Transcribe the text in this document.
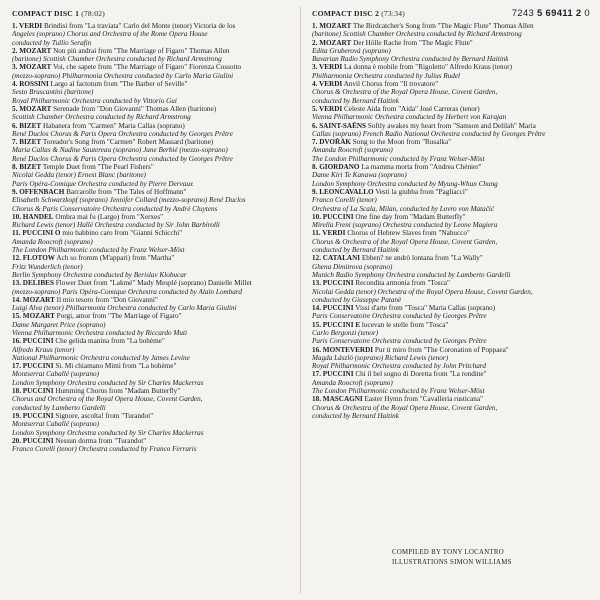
7243 5 69411 2 0
COMPACT DISC 1 (78:02)
1. VERDI Brindisi from "La traviata" Carlo del Monte (tenor) Victoria de los
Angeles (soprano) Chorus and Orchestra of the Rome Opera House
conducted by Tullio Serafin
2. MOZART Non più andrai from "The Marriage of Figaro" Thomas Allen
(baritone) Scottish Chamber Orchestra conducted by Richard Armstrong
3. MOZART Voi, che sapete from "The Marriage of Figaro" Fiorenza Cossotto
(mezzo-soprano) Philharmonia Orchestra conducted by Carlo Maria Giulini
4. ROSSINI Largo al factotum from "The Barber of Seville"
Sesto Bruscantini (baritone)
Royal Philharmonic Orchestra conducted by Vittorio Gui
5. MOZART Serenade from "Don Giovanni" Thomas Allen (baritone)
Scottish Chamber Orchestra conducted by Richard Armstrong
6. BIZET Habanera from "Carmen" Maria Callas (soprano)
René Duclos Chorus & Paris Opera Orchestra conducted by Georges Prêtre
7. BIZET Toreador's Song from "Carmen" Robert Massard (baritone)
Maria Callas & Nadine Sautereau (soprano) Jane Berbié (mezzo-soprano)
René Duclos Chorus & Paris Opera Orchestra conducted by Georges Prêtre
8. BIZET Temple Duet from "The Pearl Fishers"
Nicolai Gedda (tenor) Ernest Blanc (baritone)
Paris Opéra-Comique Orchestra conducted by Pierre Dervaux
9. OFFENBACH Barcarolle from "The Tales of Hoffmann"
Elisabeth Schwarzkopf (soprano) Jennifer Collard (mezzo-soprano) René Duclos
Chorus & Paris Conservatoire Orchestra conducted by André Cluytens
10. HANDEL Ombra mai fu (Largo) from "Xerxes"
Richard Lewis (tenor) Hallé Orchestra conducted by Sir John Barbirolli
11. PUCCINI O mio babbino caro from "Gianni Schicchi"
Amanda Roocroft (soprano)
The London Philharmonic conducted by Franz Welser-Möst
12. FLOTOW Ach so fromm (M'appari) from "Martha"
Fritz Wunderlich (tenor)
Berlin Symphony Orchestra conducted by Berislav Klobucar
13. DELIBES Flower Duet from "Lakmé" Mady Mesplé (soprano) Danielle Millet
(mezzo-soprano) Paris Opéra-Comique Orchestra conducted by Alain Lombard
14. MOZART Il mio tesoro from "Don Giovanni"
Luigi Alva (tenor) Philharmonia Orchestra conducted by Carlo Maria Giulini
15. MOZART Porgi, amor from "The Marriage of Figaro"
Dame Margaret Price (soprano)
Vienna Philharmonic Orchestra conducted by Riccardo Muti
16. PUCCINI Che gelida manina from "La bohème"
Alfredo Kraus (tenor)
National Philharmonic Orchestra conducted by James Levine
17. PUCCINI Sì. Mi chiamano Mimì from "La bohème"
Montserrat Caballé (soprano)
London Symphony Orchestra conducted by Sir Charles Mackerras
18. PUCCINI Humming Chorus from "Madam Butterfly"
Chorus and Orchestra of the Royal Opera House, Covent Garden,
conducted by Lamberto Gardelli
19. PUCCINI Signore, ascolta! from "Turandot"
Montserrat Caballé (soprano)
London Symphony Orchestra conducted by Sir Charles Mackerras
20. PUCCINI Nessun dorma from "Turandot"
Franco Corelli (tenor) Orchestra conducted by Franco Ferraris
COMPACT DISC 2 (73:34)
1. MOZART The Birdcatcher's Song from "The Magic Flute" Thomas Allen
(baritone) Scottish Chamber Orchestra conducted by Richard Armstrong
2. MOZART Der Hölle Rache from "The Magic Flute"
Edita Gruberová (soprano)
Bavarian Radio Symphony Orchestra conducted by Bernard Haitink
3. VERDI La donna è mobile from "Rigoletto" Alfredo Kraus (tenor)
Philharmonia Orchestra conducted by Julius Rudel
4. VERDI Anvil Chorus from "Il trovatore"
Chorus & Orchestra of the Royal Opera House, Covent Garden,
conducted by Bernard Haitink
5. VERDI Celeste Aida from "Aida" José Carreras (tenor)
Vienna Philharmonic Orchestra conducted by Herbert von Karajan
6. SAINT-SAËNS Softly awakes my heart from "Samson and Delilah" Maria
Callas (soprano) French Radio National Orchestra conducted by Georges Prêtre
7. DVOŘÁK Song to the Moon from "Rusalka"
Amanda Roocroft (soprano)
The London Philharmonic conducted by Franz Welser-Möst
8. GIORDANO La mamma morta from "Andrea Chénier"
Dame Kiri Te Kanawa (soprano)
London Symphony Orchestra conducted by Myung-Whun Chung
9. LEONCAVALLO Vesti la giubba from "Pagliacci"
Franco Corelli (tenor)
Orchestra of La Scala, Milan, conducted by Lovro von Matačić
10. PUCCINI One fine day from "Madam Butterfly"
Mirella Freni (soprano) Orchestra conducted by Leone Magiera
11. VERDI Chorus of Hebrew Slaves from "Nabucco"
Chorus & Orchestra of the Royal Opera House, Covent Garden,
conducted by Bernard Haitink
12. CATALANI Ebben? ne andrò lontana from "La Wally"
Ghena Dimitrova (soprano)
Munich Radio Symphony Orchestra conducted by Lamberto Gardelli
13. PUCCINI Recondita armonia from "Tosca"
Nicolai Gedda (tenor) Orchestra of the Royal Opera House, Covent Garden,
conducted by Giuseppe Patanè
14. PUCCINI Vissi d'arte from "Tosca" Maria Callas (soprano)
Paris Conservatoire Orchestra conducted by Georges Prêtre
15. PUCCINI E lucevan le stelle from "Tosca"
Carlo Bergonzi (tenor)
Paris Conservatoire Orchestra conducted by Georges Prêtre
16. MONTEVERDI Pur ti miro from "The Coronation of Poppaea"
Magda László (soprano) Richard Lewis (tenor)
Royal Philharmonic Orchestra conducted by John Pritchard
17. PUCCINI Chi il bel sogno di Doretta from "La rondine"
Amanda Roocroft (soprano)
The London Philharmonic conducted by Franz Welser-Möst
18. MASCAGNI Easter Hymn from "Cavalleria rusticana"
Chorus & Orchestra of the Royal Opera House, Covent Garden,
conducted by Bernard Haitink
COMPILED BY TONY LOCANTRO
ILLUSTRATIONS SIMON WILLIAMS
